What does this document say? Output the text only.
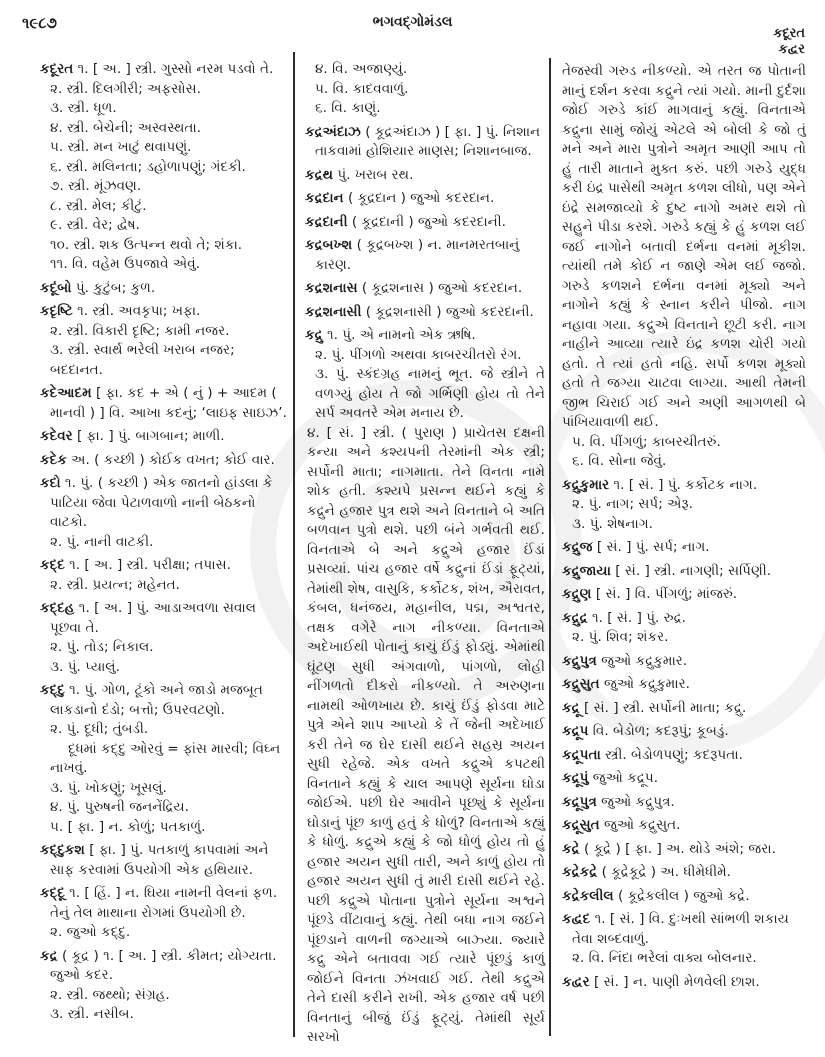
૧૯૮૭	ભગવદ્ગોમંડલ
કદૂરત
કદ્વર

કદૂરત ૧. [ અ. ] સ્ત્રી. ગુસ્સો નરમ પડવો તે.

૨. સ્ત્રી. દિલગીરી; અફસોસ.

૩. સ્ત્રી. ધૂળ.

૪. સ્ત્રી. બેચેની; અસ્વસ્થતા.

૫. સ્ત્રી. મન ખાટું થવાપણું.

૬. સ્ત્રી. મલિનતા; ડહોળાપણું; ગંદકી.

૭. સ્ત્રી. મૂંઝવણ.

૮. સ્ત્રી. મેલ; કીટું.

૯. સ્ત્રી. વેર; દ્વેષ.

૧૦. સ્ત્રી. શક ઉત્પન્ન થવો તે; શંકા.

૧૧. વિ. વહેમ ઉપજાવે એવું.

કદૂંબો પું. કુટુંબ; કુળ.

કદૃષ્ટિ ૧. સ્ત્રી. અવકૃપા; ખફા.

૨. સ્ત્રી. વિકારી દૃષ્ટિ; કામી નજર.

૩. સ્ત્રી. સ્વાર્થ ભરેલી ખરાબ નજર; બદદાનત.

કદેઆદમ [ ફા. કદ + એ ( નું ) + આદમ ( માનવી ) ] વિ. આખા કદનું; ‘લાઇફ સાઇઝ’.

કદેવર [ ફા. ] પું. બાગબાન; માળી.

કદેક અ. ( કચ્છી ) કોઈક વખત; કોઈ વાર.

કદો ૧. પું. ( કચ્છી ) એક જાતનો હાંડલા કે પાટિયા જેવા પેટાળવાળો નાની બેઠકનો વાટકો.

૨. પું. નાની વાટકી.

કદ્દ ૧. [ અ. ] સ્ત્રી. પરીક્ષા; તપાસ.

૨. સ્ત્રી. પ્રયત્ન; મહેનત.

કદ્દહ ૧. [ અ. ] પું. આડાઅવળા સવાલ પૂછવા તે.

૨. પું. તોડ; નિકાલ.

૩. પું. પ્યાલું.

કદ્દુ ૧. પું. ગોળ, ટૂંકો અને જાડો મજબૂત લાકડાનો દંડો; બત્તો; ઉપરવટણો.

૨. પું. દૂધી; તુંબડી.

દૂધમાં કદ્દુ ઓરવું = ફાંસ મારવી; વિઘ્ન નાખવું.

૩. પું. ખોકણું; ખૂસલું.

૪. પું. પુરુષની જનનેંદ્રિય.

૫. [ ફા. ] ન. કોળું; પતકાળું.

કદ્દુકશ [ ફા. ] પું. પતકાળું કાપવામાં અને સાફ કરવામાં ઉપયોગી એક હથિયાર.

કદ્દૂ ૧. [ હિં. ] ન. ઘિયા નામની વેલનાં ફળ. તેનું તેલ માથાના રોગમાં ઉપયોગી છે.

૨. જુઓ કદ્દુ.

કદ્ર ( કૂદ્ર ) ૧. [ અ. ] સ્ત્રી. કીમત; યોગ્યતા. જુઓ કદર.

૨. સ્ત્રી. જથ્થો; સંગ્રહ.

૩. સ્ત્રી. નસીબ.

૪. વિ. અજાણ્યું.

૫. વિ. કાદવવાળું.

૬. વિ. કાણું.

કદ્રઅંદાઝ ( કૂદ્રઅંદાઝ ) [ ફા. ] પું. નિશાન તાકવામાં હોશિયાર માણસ; નિશાનબાજ.

કદ્રથ પું. ખરાબ રથ.

કદ્રદાન ( કૂદ્રદાન ) જુઓ કદરદાન.

કદ્રદાની ( કૂદ્રદાની ) જુઓ કદરદાની.

કદ્રબખ્શ ( કૂદ્રબખ્શ ) ન. માનમરતબાનું કારણ.

કદ્રશનાસ ( કૂદ્રશનાસ ) જુઓ કદરદાન.

કદ્રશનાસી ( કૂદ્રશનાસી ) જુઓ કદરદાની.

કદ્રુ ૧. પું. એ નામનો એક ઋષિ.

૨. પું. પીંગળો અથવા કાબરચીતરો રંગ.

૩. પું. સ્કંદગ્રહ નામનું ભૂત. જે સ્ત્રીને તે વળગ્યું હોય તે જો ગર્ભિણી હોય તો તેને સર્પ અવતરે એમ મનાય છે.

૪. [ સં. ] સ્ત્રી. ( પુરાણ ) પ્રાચેતસ દક્ષની કન્યા અને કશ્યપની તેરમાંની એક સ્ત્રી; સર્પોની માતા; નાગમાતા. તેને વિનતા નામે શોક હતી. કશ્યપે પ્રસન્ન થઈને કહ્યું કે કદ્રુને હજાર પુત્ર થશે અને વિનતાને બે અતિ બળવાન પુત્રો થશે. પછી બંને ગર્ભવતી થઈ. વિનતાએ બે અને કદ્રુએ હજાર ઈંડાં પ્રસવ્યાં. પાંચ હજાર વર્ષે કદ્રુનાં ઈંડાં ફૂટ્યાં, તેમાંથી શેષ, વાસુકિ, કર્કોટક, શંખ, ઐરાવત, કંબલ, ધનંજય, મહાનીલ, પદ્મ, અશ્વતર, તક્ષક વગેરે નાગ નીકળ્યા. વિનતાએ અદેખાઈથી પોતાનું કાચું ઈંડું ફોડ્યું. એમાંથી ઘૂંટણ સુધી અંગવાળો, પાંગળો, લોહી નીંગળતો દીકરો નીકળ્યો. તે અરુણના નામથી ઓળખાય છે. કાચું ઈંડું ફોડવા માટે પુત્રે એને શાપ આપ્યો કે તેં જેની અદેખાઈ કરી તેને જ ઘેર દાસી થઈને સહસ્ર અયન સુધી રહેજે. એક વખતે કદ્રુએ કપટથી વિનતાને કહ્યું કે ચાલ આપણે સૂર્યના ઘોડા જોઈએ. પછી ઘેર આવીને પૂછ્યું કે સૂર્યના ઘોડાનું પૂંછ કાળું હતું કે ધોળું? વિનતાએ કહ્યું કે ધોળું. કદ્રુએ કહ્યું કે જો ધોળું હોય તો હું હજાર અયન સુધી તારી, અને કાળું હોય તો હજાર અયન સુધી તું મારી દાસી થઈને રહે. પછી કદ્રુએ પોતાના પુત્રોને સૂર્યના અશ્વને પૂંછડે વીંટાવાનું કહ્યું. તેથી બધા નાગ જઈને પૂંછડાને વાળની જગ્યાએ બાઝ્યા. જ્યારે કદ્રુ એને બતાવવા ગઈ ત્યારે પૂંછડું કાળું જોઈને વિનતા ઝંખવાઈ ગઈ. તેથી કદ્રુએ તેને દાસી કરીને રાખી. એક હજાર વર્ષ પછી વિનતાનું બીજું ઈંડું ફૂટ્યું. તેમાંથી સૂર્ય સરખો

તેજસ્વી ગરુડ નીકળ્યો. એ તરત જ પોતાની માનું દર્શન કરવા કદ્રુને ત્યાં ગયો. માની દુર્દશા જોઈ ગરુડે કાંઈ માગવાનું કહ્યું. વિનતાએ કદ્રુના સામું જોયું એટલે એ બોલી કે જો તું મને અને મારા પુત્રોને અમૃત આણી આપ તો હું તારી માતાને મુક્ત કરું. પછી ગરુડે યુદ્ધ કરી ઇંદ્ર પાસેથી અમૃત કળશ લીધો, પણ એને ઇંદ્રે સમજાવ્યો કે દુષ્ટ નાગો અમર થશે તો સહુને પીડા કરશે. ગરુડે કહ્યું કે હું કળશ લઈ જઈ નાગોને બતાવી દર્ભના વનમાં મૂકીશ. ત્યાંથી તમે કોઈ ન જાણે એમ લઈ જજો. ગરુડે કળશને દર્ભના વનમાં મૂક્યો અને નાગોને કહ્યું કે સ્નાન કરીને પીજો. નાગ નહાવા ગયા. કદ્રુએ વિનતાને છૂટી કરી. નાગ નાહીને આવ્યા ત્યારે ઇંદ્ર કળશ ચોરી ગયો હતો. તે ત્યાં હતો નહિ. સર્પો કળશ મૂક્યો હતો તે જગ્યા ચાટવા લાગ્યા. આથી તેમની જીભ ચિરાઈ ગઈ અને અણી આગળથી બે પાંખિયાવાળી થઈ.

૫. વિ. પીંગળું; કાબરચીતરું.

૬. વિ. સોના જેવું.

કદ્રુકુમાર ૧. [ સં. ] પું. કર્કોટક નાગ.

૨. પું. નાગ; સર્પ; એરૂ.

૩. પું. શેષનાગ.

કદ્રુજ [ સં. ] પું. સર્પ; નાગ.

કદ્રુજાયા [ સં. ] સ્ત્રી. નાગણી; સર્પિણી.

કદ્રુણ [ સં. ] વિ. પીંગળું; માંજરું.

કદ્રુદ્ર ૧. [ સં. ] પું. રુદ્ર.

૨. પું. શિવ; શંકર.

કદ્રુપુત્ર જુઓ કદ્રુકુમાર.

કદ્રુસુત જુઓ કદ્રુકુમાર.

કદ્રૂ [ સં. ] સ્ત્રી. સર્પોની માતા; કદ્રુ.

કદ્રૂપ વિ. બેડોળ; કદરૂપું; કૂબડું.

કદ્રૂપતા સ્ત્રી. બેડોળપણું; કદરૂપતા.

કદ્રૂપું જુઓ કદ્રૂપ.

કદ્રૂપુત્ર જુઓ કદ્રુપુત્ર.

કદ્રૂસુત જુઓ કદ્રુસુત.

કદ્રે ( કૂદ્રે ) [ ફા. ] અ. થોડે અંશે; જરા.

કદ્રેકદ્રે ( કૂદ્રેકૂદ્રે ) અ. ધીમેધીમે.

કદ્રેકલીલ ( કૂદ્રેકલીલ ) જુઓ કદ્રે.

કદ્વદ ૧. [ સં. ] વિ. દુઃખથી સાંભળી શકાય તેવા શબ્દવાળું.

૨. વિ. નિંદા ભરેલાં વાક્ય બોલનાર.

કદ્વર [ સં. ] ન. પાણી મેળવેલી છાશ.
